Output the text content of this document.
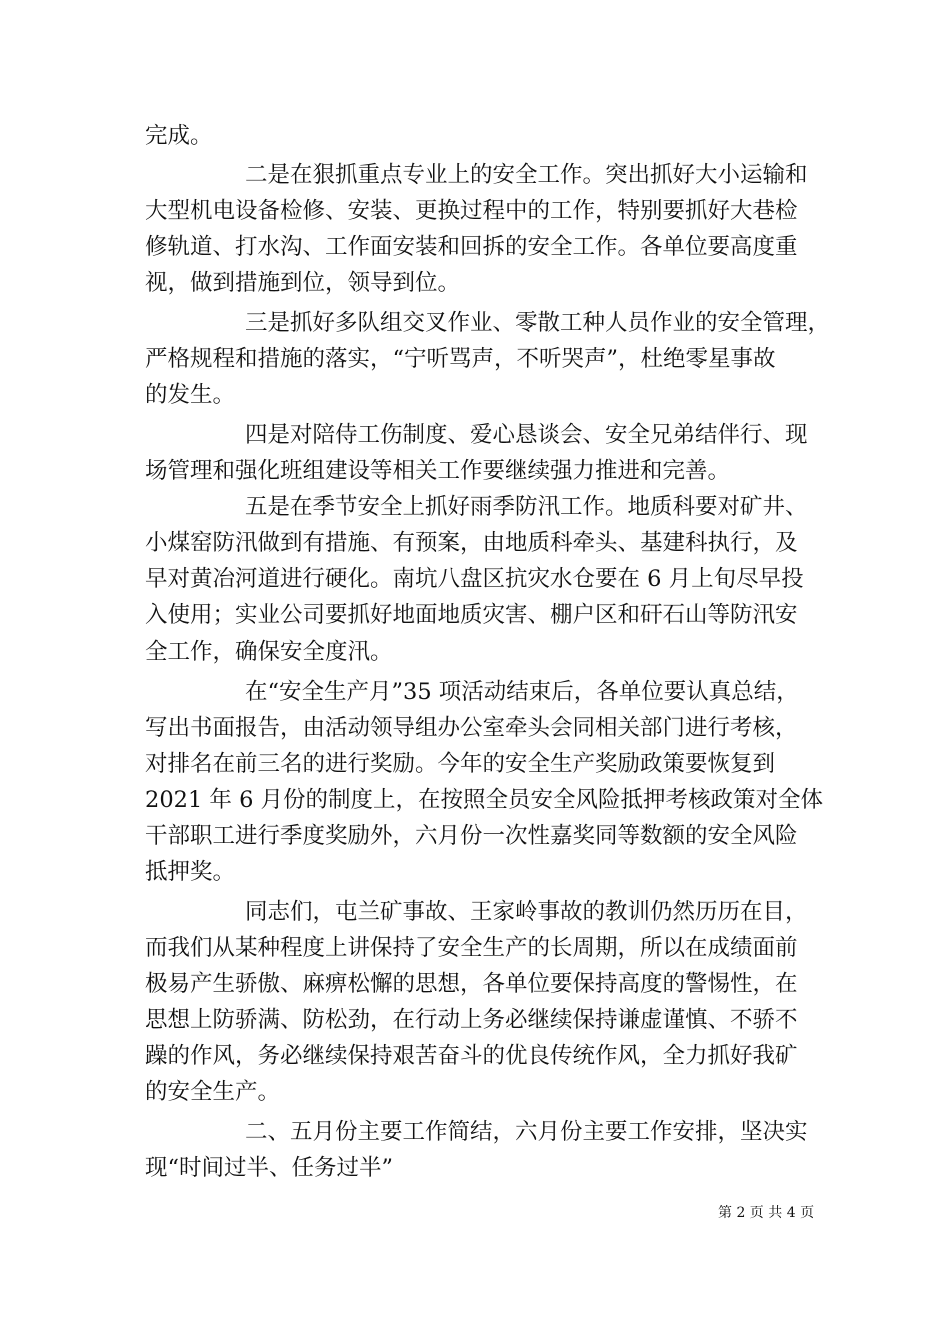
完成。
二是在狠抓重点专业上的安全工作。突出抓好大小运输和
大型机电设备检修、安装、更换过程中的工作，特别要抓好大巷检
修轨道、打水沟、工作面安装和回拆的安全工作。各单位要高度重
视，做到措施到位，领导到位。
三是抓好多队组交叉作业、零散工种人员作业的安全管理，
严格规程和措施的落实，“宁听骂声，不听哭声”，杜绝零星事故
的发生。
四是对陪侍工伤制度、爱心恳谈会、安全兄弟结伴行、现
场管理和强化班组建设等相关工作要继续强力推进和完善。
五是在季节安全上抓好雨季防汛工作。地质科要对矿井、
小煤窑防汛做到有措施、有预案，由地质科牵头、基建科执行，及
早对黄冶河道进行硬化。南坑八盘区抗灾水仓要在 6 月上旬尽早投
入使用；实业公司要抓好地面地质灾害、棚户区和矸石山等防汛安
全工作，确保安全度汛。
在“安全生产月”35 项活动结束后，各单位要认真总结，
写出书面报告，由活动领导组办公室牵头会同相关部门进行考核，
对排名在前三名的进行奖励。今年的安全生产奖励政策要恢复到
2021 年 6 月份的制度上，在按照全员安全风险抵押考核政策对全体
干部职工进行季度奖励外，六月份一次性嘉奖同等数额的安全风险
抵押奖。
同志们，屯兰矿事故、王家岭事故的教训仍然历历在目，
而我们从某种程度上讲保持了安全生产的长周期，所以在成绩面前
极易产生骄傲、麻痹松懈的思想，各单位要保持高度的警惕性，在
思想上防骄满、防松劲，在行动上务必继续保持谦虚谨慎、不骄不
躁的作风，务必继续保持艰苦奋斗的优良传统作风，全力抓好我矿
的安全生产。
二、五月份主要工作简结，六月份主要工作安排，坚决实
现“时间过半、任务过半”
第 2 页 共 4 页
